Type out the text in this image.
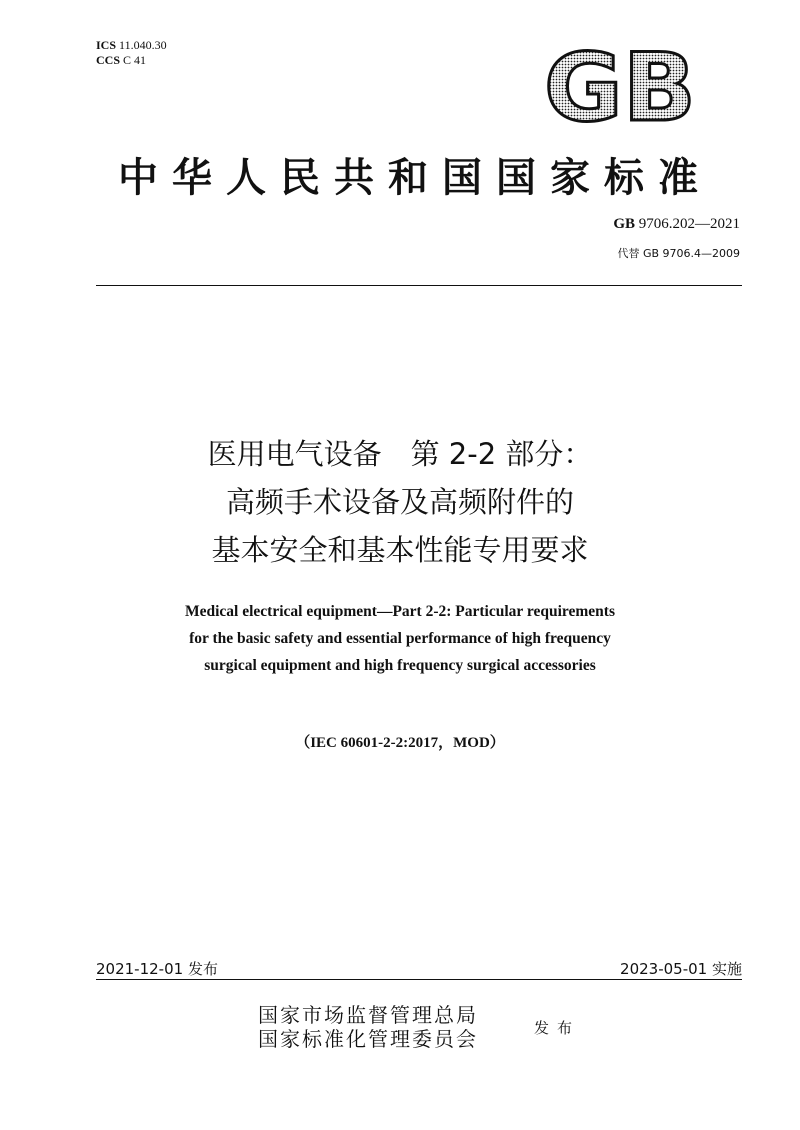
ICS 11.040.30
CCS C 41	GB
中华人民共和国国家标准
GB 9706.202—2021
代替 GB 9706.4—2009
医用电气设备　第 2-2 部分：
高频手术设备及高频附件的
基本安全和基本性能专用要求
Medical electrical equipment—Part 2-2: Particular requirements
for the basic safety and essential performance of high frequency
surgical equipment and high frequency surgical accessories
（IEC 60601-2-2:2017，MOD）
2021-12-01 发布	2023-05-01 实施
国家市场监督管理总局
国家标准化管理委员会	发布
